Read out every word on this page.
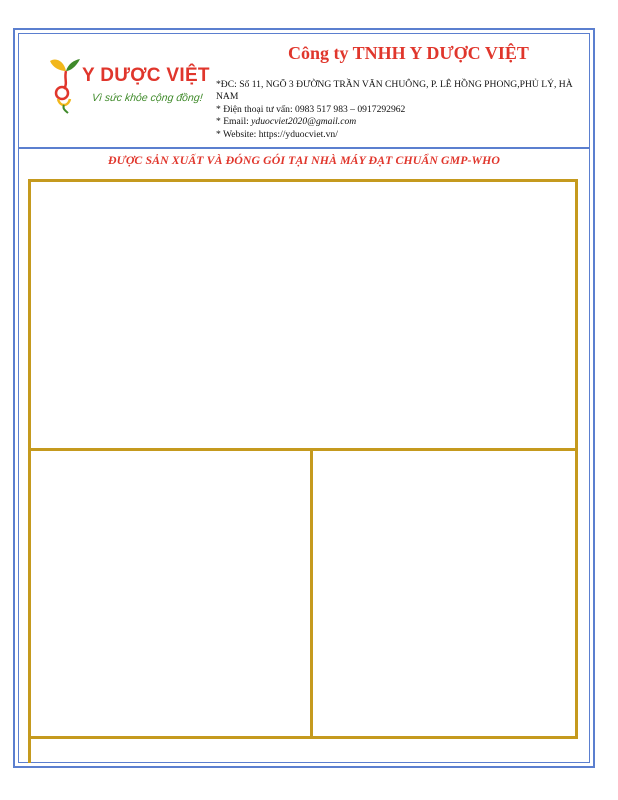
Y DƯỢC VIỆT
Vì sức khỏe cộng đồng!
Công ty TNHH Y DƯỢC VIỆT
*ĐC: Số 11, NGÕ 3 ĐƯỜNG TRẦN VĂN CHUÔNG, P. LÊ HỒNG PHONG,PHỦ LÝ, HÀ NAM
* Điện thoại tư vấn: 0983 517 983 – 0917292962
* Email: yduocviet2020@gmail.com
* Website: https://yduocviet.vn/
ĐƯỢC SẢN XUẤT VÀ ĐÓNG GÓI TẠI NHÀ MÁY ĐẠT CHUẨN GMP-WHO
